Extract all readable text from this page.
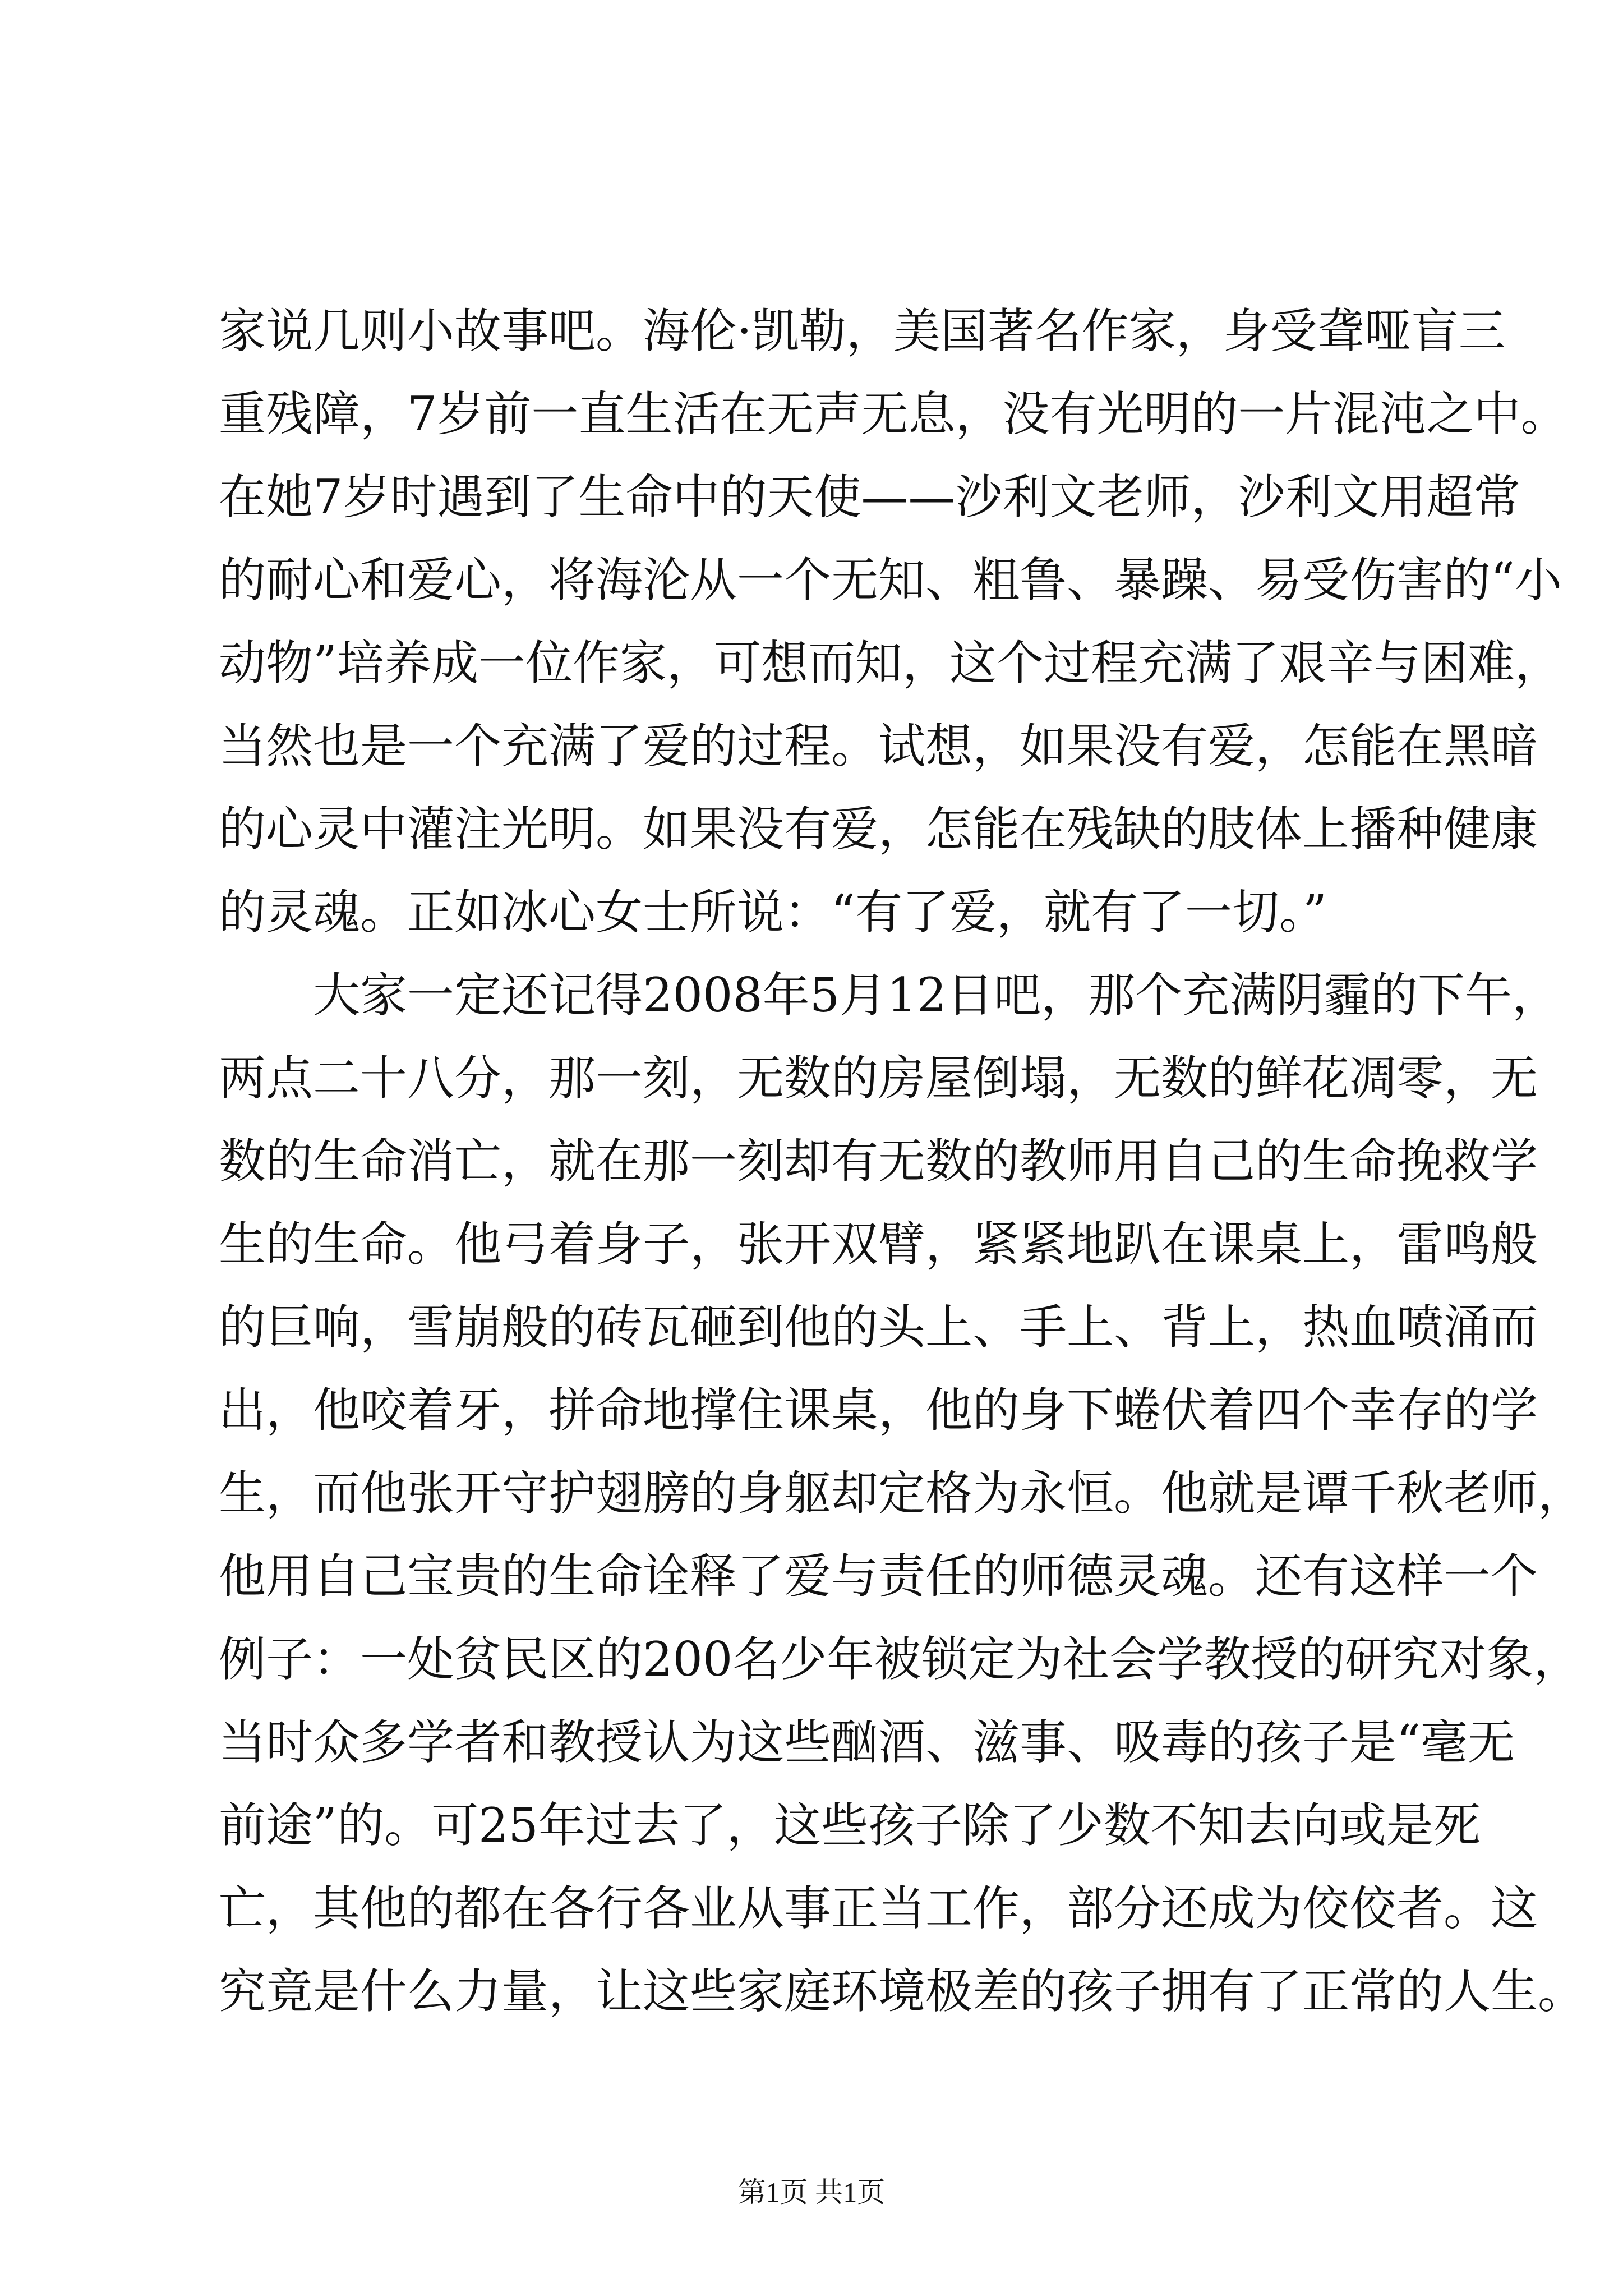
家说几则小故事吧。海伦·凯勒，美国著名作家，身受聋哑盲三
重残障，7岁前一直生活在无声无息，没有光明的一片混沌之中。
在她7岁时遇到了生命中的天使——沙利文老师，沙利文用超常
的耐心和爱心，将海沦从一个无知、粗鲁、暴躁、易受伤害的“小
动物”培养成一位作家，可想而知，这个过程充满了艰辛与困难，
当然也是一个充满了爱的过程。试想，如果没有爱，怎能在黑暗
的心灵中灌注光明。如果没有爱，怎能在残缺的肢体上播种健康
的灵魂。正如冰心女士所说：“有了爱，就有了一切。”
　　大家一定还记得2008年5月12日吧，那个充满阴霾的下午，
两点二十八分，那一刻，无数的房屋倒塌，无数的鲜花凋零，无
数的生命消亡，就在那一刻却有无数的教师用自己的生命挽救学
生的生命。他弓着身子，张开双臂，紧紧地趴在课桌上，雷鸣般
的巨响，雪崩般的砖瓦砸到他的头上、手上、背上，热血喷涌而
出，他咬着牙，拼命地撑住课桌，他的身下蜷伏着四个幸存的学
生，而他张开守护翅膀的身躯却定格为永恒。他就是谭千秋老师，
他用自己宝贵的生命诠释了爱与责任的师德灵魂。还有这样一个
例子：一处贫民区的200名少年被锁定为社会学教授的研究对象，
当时众多学者和教授认为这些酗酒、滋事、吸毒的孩子是“毫无
前途”的。可25年过去了，这些孩子除了少数不知去向或是死
亡，其他的都在各行各业从事正当工作，部分还成为佼佼者。这
究竟是什么力量，让这些家庭环境极差的孩子拥有了正常的人生。
第1页 共1页
